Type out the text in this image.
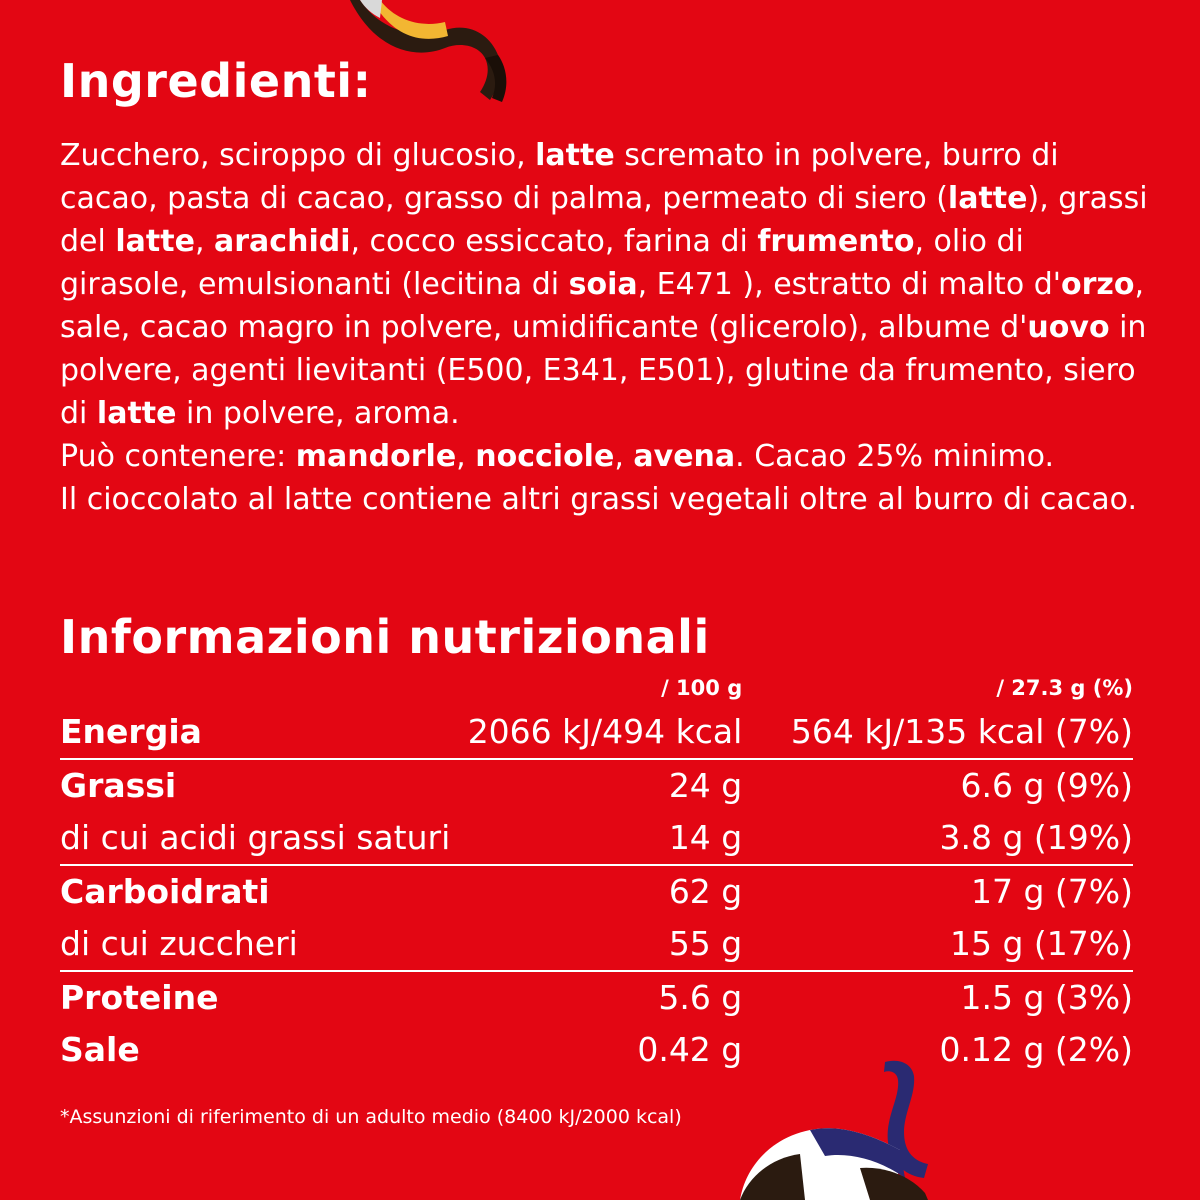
Ingredienti:

Zucchero, sciroppo di glucosio, latte scremato in polvere, burro di cacao, pasta di cacao, grasso di palma, permeato di siero (latte), grassi del latte, arachidi, cocco essiccato, farina di frumento, olio di girasole, emulsionanti (lecitina di soia, E471 ), estratto di malto d'orzo, sale, cacao magro in polvere, umidificante (glicerolo), albume d'uovo in polvere, agenti lievitanti (E500, E341, E501), glutine da frumento, siero di latte in polvere, aroma.

Può contenere: mandorle, nocciole, avena. Cacao 25% minimo.

Il cioccolato al latte contiene altri grassi vegetali oltre al burro di cacao.

Informazioni nutrizionali
	/ 100 g	/ 27.3 g (%)
Energia	2066 kJ/494 kcal	564 kJ/135 kcal (7%)
Grassi	24 g	6.6 g (9%)
di cui acidi grassi saturi	14 g	3.8 g (19%)
Carboidrati	62 g	17 g (7%)
di cui zuccheri	55 g	15 g (17%)
Proteine	5.6 g	1.5 g (3%)
Sale	0.42 g	0.12 g (2%)

*Assunzioni di riferimento di un adulto medio (8400 kJ/2000 kcal)
